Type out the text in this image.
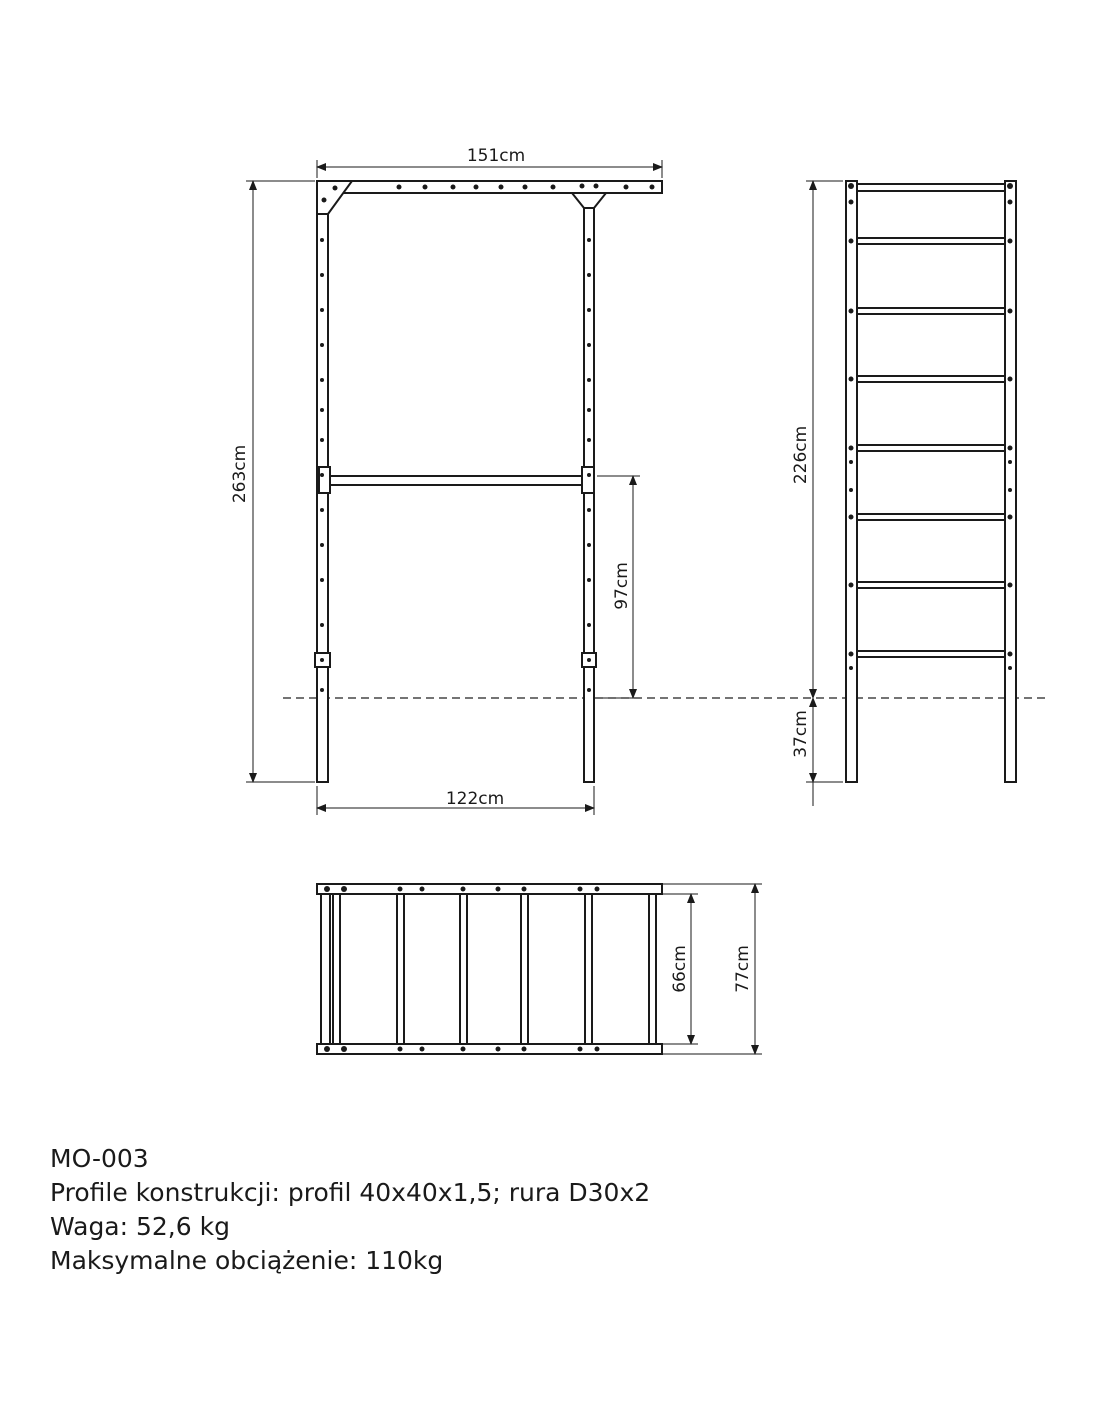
151cm
263cm
97cm
122cm
226cm
37cm
66cm	77cm
MO-003
Profile konstrukcji: profil 40x40x1,5; rura D30x2
Waga: 52,6 kg
Maksymalne obciążenie: 110kg
